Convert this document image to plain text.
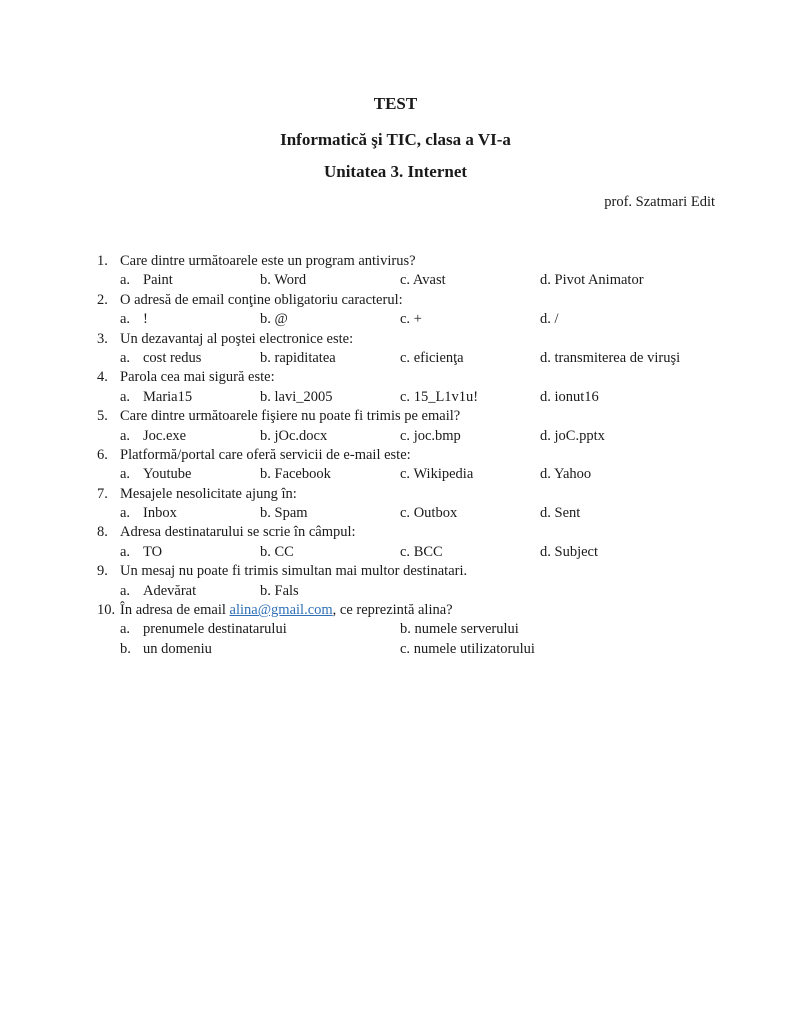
TEST
Informatică şi TIC, clasa a VI-a
Unitatea 3. Internet
prof. Szatmari Edit
1. Care dintre următoarele este un program antivirus?
a. Paint	b. Word	c. Avast	d. Pivot Animator
2. O adresă de email conţine obligatoriu caracterul:
a. !	b. @	c. +	d. /
3. Un dezavantaj al poştei electronice este:
a. cost redus	b. rapiditatea	c. eficienţa	d. transmiterea de viruşi
4. Parola cea mai sigură este:
a. Maria15	b. lavi_2005	c. 15_L1v1u!	d. ionut16
5. Care dintre următoarele fişiere nu poate fi trimis pe email?
a. Joc.exe	b. jOc.docx	c. joc.bmp	d. joC.pptx
6. Platformă/portal care oferă servicii de e-mail este:
a. Youtube	b. Facebook	c. Wikipedia	d. Yahoo
7. Mesajele nesolicitate ajung în:
a. Inbox	b. Spam	c. Outbox	d. Sent
8. Adresa destinatarului se scrie în câmpul:
a. TO	b. CC	c. BCC	d. Subject
9. Un mesaj nu poate fi trimis simultan mai multor destinatari.
a. Adevărat	b. Fals
10. În adresa de email alina@gmail.com, ce reprezintă alina?
a. prenumele destinatarului	b. numele serverului
b. un domeniu	c. numele utilizatorului
